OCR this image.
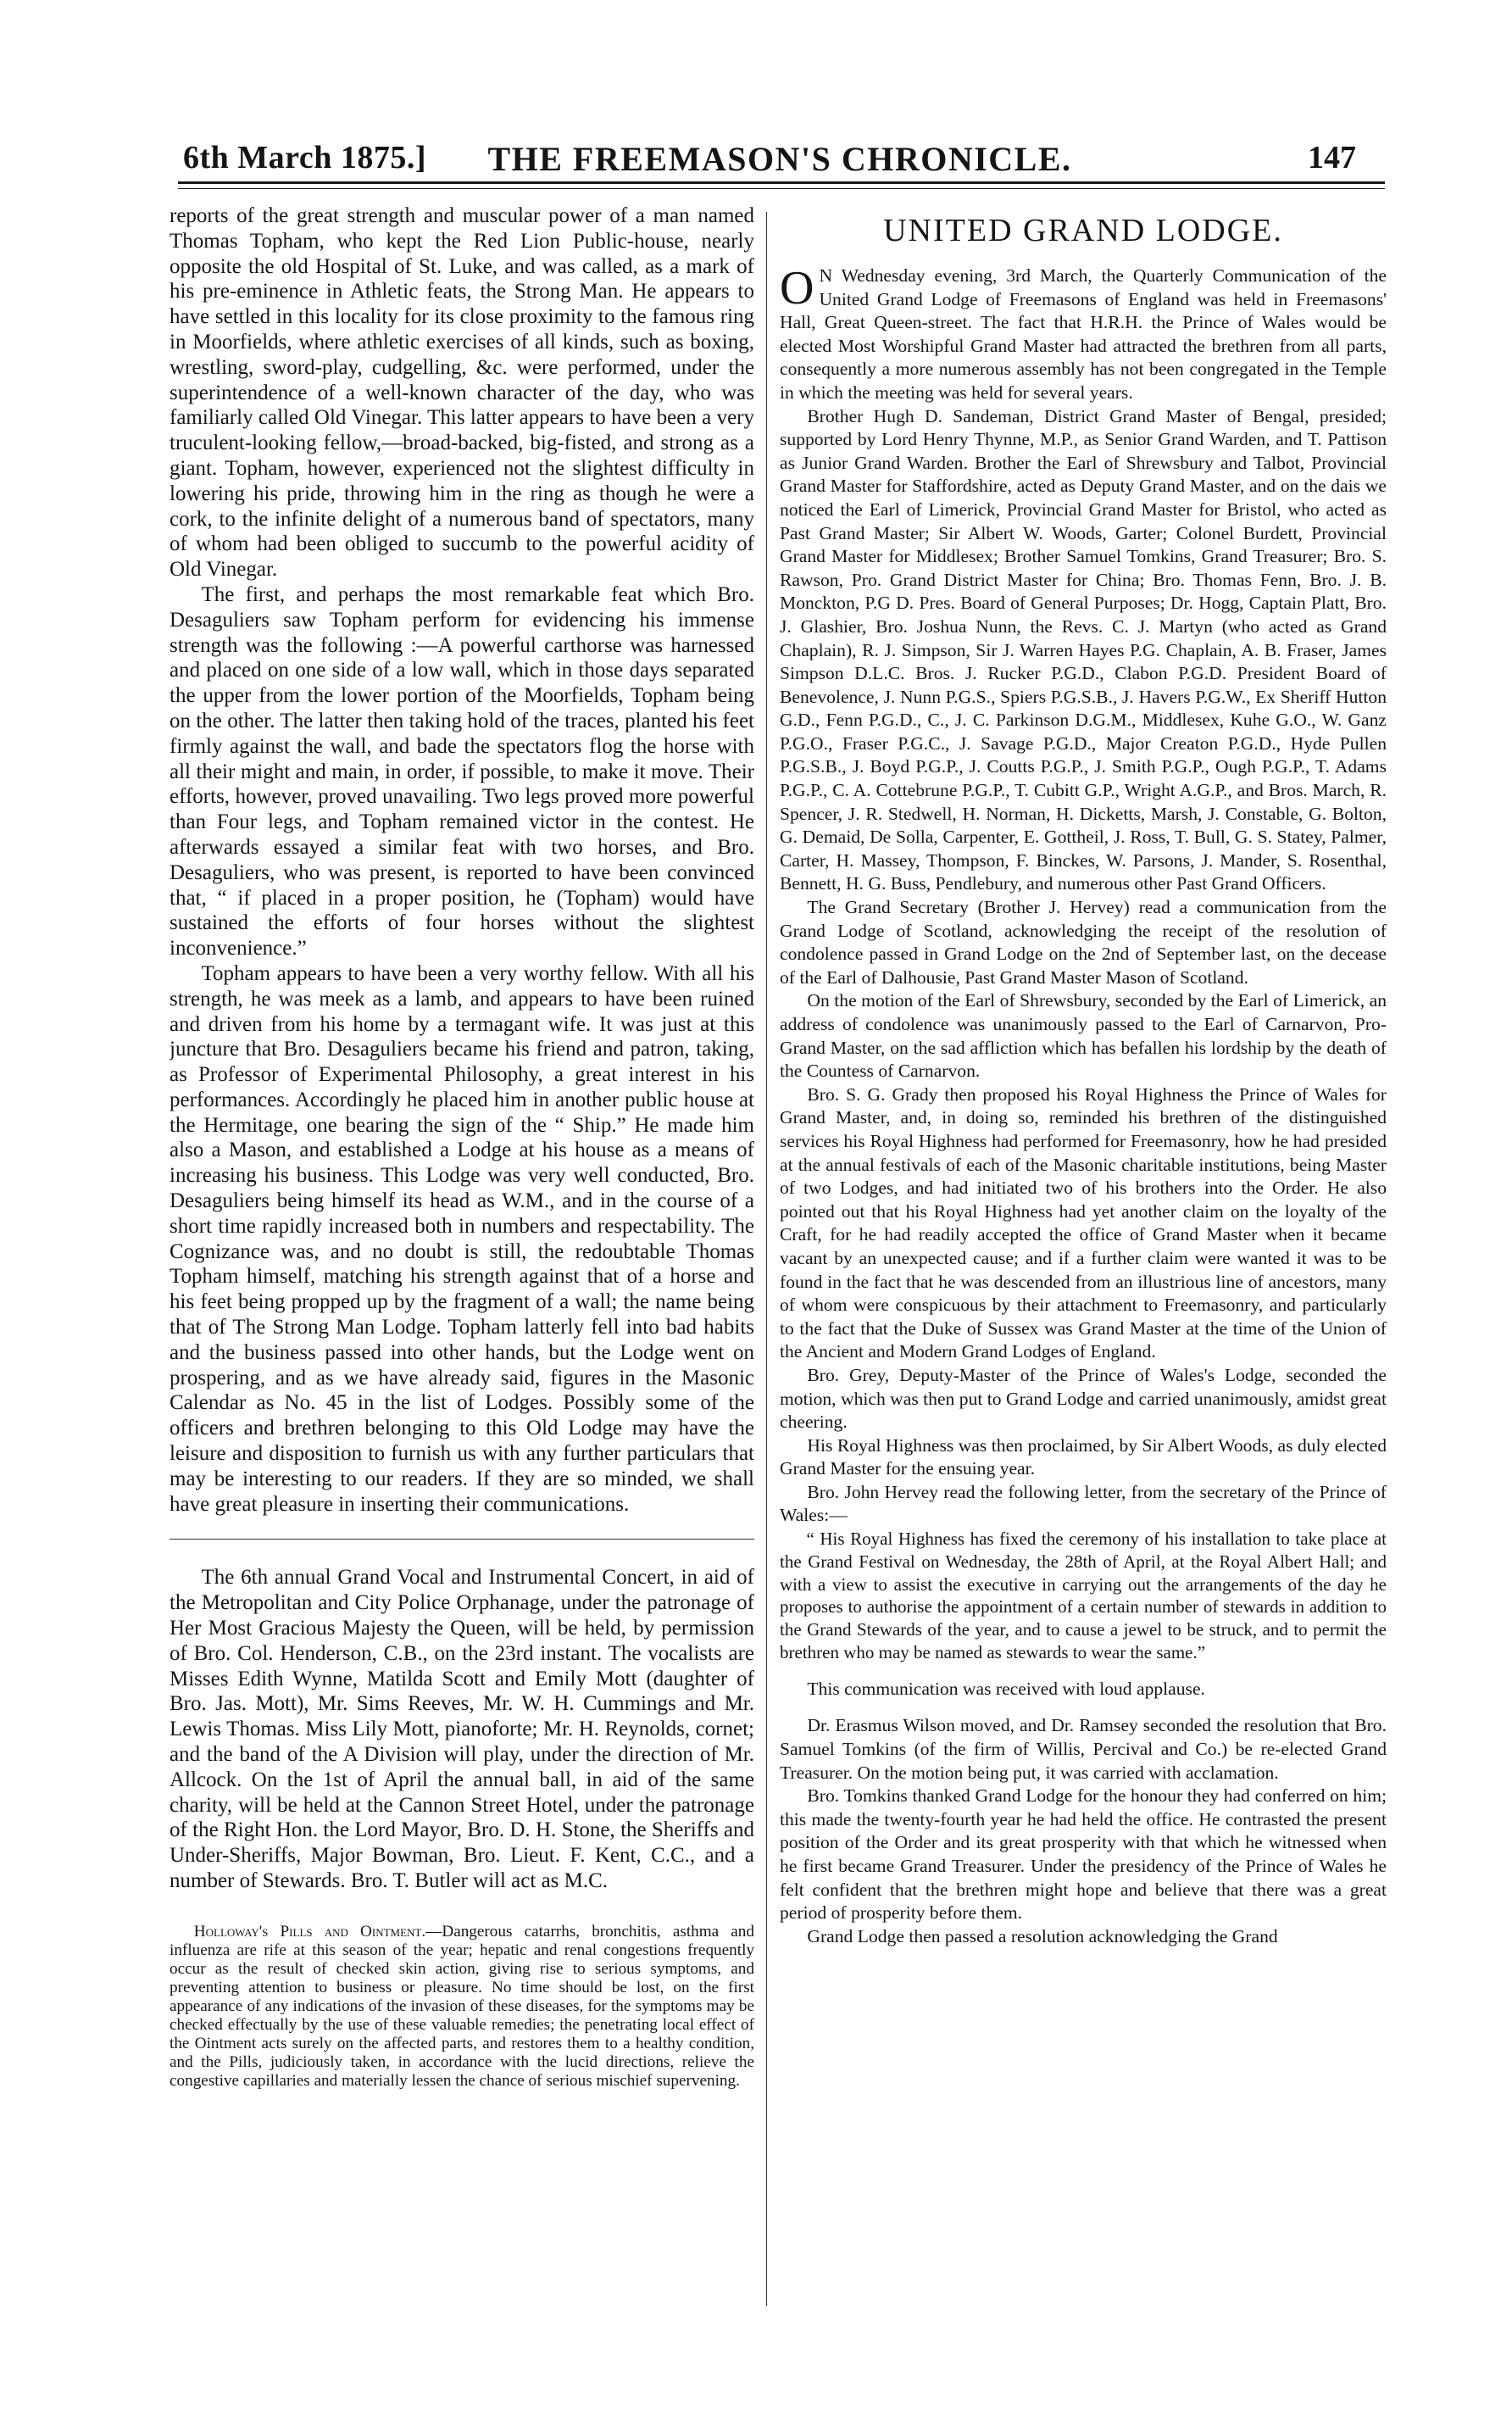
6th March 1875.]	THE FREEMASON'S CHRONICLE.	147

reports of the great strength and muscular power of a man named Thomas Topham, who kept the Red Lion Public-house, nearly opposite the old Hospital of St. Luke, and was called, as a mark of his pre-eminence in Athletic feats, the Strong Man. He appears to have settled in this locality for its close proximity to the famous ring in Moorfields, where athletic exercises of all kinds, such as boxing, wrestling, sword-play, cudgelling, &c. were performed, under the superintendence of a well-known character of the day, who was familiarly called Old Vinegar. This latter appears to have been a very truculent-looking fellow,—broad-backed, big-fisted, and strong as a giant. Topham, however, experienced not the slightest difficulty in lowering his pride, throwing him in the ring as though he were a cork, to the infinite delight of a numerous band of spectators, many of whom had been obliged to succumb to the powerful acidity of Old Vinegar.

The first, and perhaps the most remarkable feat which Bro. Desaguliers saw Topham perform for evidencing his immense strength was the following :—A powerful carthorse was harnessed and placed on one side of a low wall, which in those days separated the upper from the lower portion of the Moorfields, Topham being on the other. The latter then taking hold of the traces, planted his feet firmly against the wall, and bade the spectators flog the horse with all their might and main, in order, if possible, to make it move. Their efforts, however, proved unavailing. Two legs proved more powerful than Four legs, and Topham remained victor in the contest. He afterwards essayed a similar feat with two horses, and Bro. Desaguliers, who was present, is reported to have been convinced that, “ if placed in a proper position, he (Topham) would have sustained the efforts of four horses without the slightest inconvenience.”

Topham appears to have been a very worthy fellow. With all his strength, he was meek as a lamb, and appears to have been ruined and driven from his home by a termagant wife. It was just at this juncture that Bro. Desaguliers became his friend and patron, taking, as Professor of Experimental Philosophy, a great interest in his performances. Accordingly he placed him in another public house at the Hermitage, one bearing the sign of the “ Ship.” He made him also a Mason, and established a Lodge at his house as a means of increasing his business. This Lodge was very well conducted, Bro. Desaguliers being himself its head as W.M., and in the course of a short time rapidly increased both in numbers and respectability. The Cognizance was, and no doubt is still, the redoubtable Thomas Topham himself, matching his strength against that of a horse and his feet being propped up by the fragment of a wall; the name being that of The Strong Man Lodge. Topham latterly fell into bad habits and the business passed into other hands, but the Lodge went on prospering, and as we have already said, figures in the Masonic Calendar as No. 45 in the list of Lodges. Possibly some of the officers and brethren belonging to this Old Lodge may have the leisure and disposition to furnish us with any further particulars that may be interesting to our readers. If they are so minded, we shall have great pleasure in inserting their communications.

The 6th annual Grand Vocal and Instrumental Concert, in aid of the Metropolitan and City Police Orphanage, under the patronage of Her Most Gracious Majesty the Queen, will be held, by permission of Bro. Col. Henderson, C.B., on the 23rd instant. The vocalists are Misses Edith Wynne, Matilda Scott and Emily Mott (daughter of Bro. Jas. Mott), Mr. Sims Reeves, Mr. W. H. Cummings and Mr. Lewis Thomas. Miss Lily Mott, pianoforte; Mr. H. Reynolds, cornet; and the band of the A Division will play, under the direction of Mr. Allcock. On the 1st of April the annual ball, in aid of the same charity, will be held at the Cannon Street Hotel, under the patronage of the Right Hon. the Lord Mayor, Bro. D. H. Stone, the Sheriffs and Under-Sheriffs, Major Bowman, Bro. Lieut. F. Kent, C.C., and a number of Stewards. Bro. T. Butler will act as M.C.

Holloway's Pills and Ointment.—Dangerous catarrhs, bronchitis, asthma and influenza are rife at this season of the year; hepatic and renal congestions frequently occur as the result of checked skin action, giving rise to serious symptoms, and preventing attention to business or pleasure. No time should be lost, on the first appearance of any indications of the invasion of these diseases, for the symptoms may be checked effectually by the use of these valuable remedies; the penetrating local effect of the Ointment acts surely on the affected parts, and restores them to a healthy condition, and the Pills, judiciously taken, in accordance with the lucid directions, relieve the congestive capillaries and materially lessen the chance of serious mischief supervening.

UNITED GRAND LODGE.

O N Wednesday evening, 3rd March, the Quarterly Communication of the United Grand Lodge of Freemasons of England was held in Freemasons' Hall, Great Queen-street. The fact that H.R.H. the Prince of Wales would be elected Most Worshipful Grand Master had attracted the brethren from all parts, consequently a more numerous assembly has not been congregated in the Temple in which the meeting was held for several years.

Brother Hugh D. Sandeman, District Grand Master of Bengal, presided; supported by Lord Henry Thynne, M.P., as Senior Grand Warden, and T. Pattison as Junior Grand Warden. Brother the Earl of Shrewsbury and Talbot, Provincial Grand Master for Staffordshire, acted as Deputy Grand Master, and on the dais we noticed the Earl of Limerick, Provincial Grand Master for Bristol, who acted as Past Grand Master; Sir Albert W. Woods, Garter; Colonel Burdett, Provincial Grand Master for Middlesex; Brother Samuel Tomkins, Grand Treasurer; Bro. S. Rawson, Pro. Grand District Master for China; Bro. Thomas Fenn, Bro. J. B. Monckton, P.G D. Pres. Board of General Purposes; Dr. Hogg, Captain Platt, Bro. J. Glashier, Bro. Joshua Nunn, the Revs. C. J. Martyn (who acted as Grand Chaplain), R. J. Simpson, Sir J. Warren Hayes P.G. Chaplain, A. B. Fraser, James Simpson D.L.C. Bros. J. Rucker P.G.D., Clabon P.G.D. President Board of Benevolence, J. Nunn P.G.S., Spiers P.G.S.B., J. Havers P.G.W., Ex Sheriff Hutton G.D., Fenn P.G.D., C., J. C. Parkinson D.G.M., Middlesex, Kuhe G.O., W. Ganz P.G.O., Fraser P.G.C., J. Savage P.G.D., Major Creaton P.G.D., Hyde Pullen P.G.S.B., J. Boyd P.G.P., J. Coutts P.G.P., J. Smith P.G.P., Ough P.G.P., T. Adams P.G.P., C. A. Cottebrune P.G.P., T. Cubitt G.P., Wright A.G.P., and Bros. March, R. Spencer, J. R. Stedwell, H. Norman, H. Dicketts, Marsh, J. Constable, G. Bolton, G. Demaid, De Solla, Carpenter, E. Gottheil, J. Ross, T. Bull, G. S. Statey, Palmer, Carter, H. Massey, Thompson, F. Binckes, W. Parsons, J. Mander, S. Rosenthal, Bennett, H. G. Buss, Pendlebury, and numerous other Past Grand Officers.

The Grand Secretary (Brother J. Hervey) read a communication from the Grand Lodge of Scotland, acknowledging the receipt of the resolution of condolence passed in Grand Lodge on the 2nd of September last, on the decease of the Earl of Dalhousie, Past Grand Master Mason of Scotland.

On the motion of the Earl of Shrewsbury, seconded by the Earl of Limerick, an address of condolence was unanimously passed to the Earl of Carnarvon, Pro-Grand Master, on the sad affliction which has befallen his lordship by the death of the Countess of Carnarvon.

Bro. S. G. Grady then proposed his Royal Highness the Prince of Wales for Grand Master, and, in doing so, reminded his brethren of the distinguished services his Royal Highness had performed for Freemasonry, how he had presided at the annual festivals of each of the Masonic charitable institutions, being Master of two Lodges, and had initiated two of his brothers into the Order. He also pointed out that his Royal Highness had yet another claim on the loyalty of the Craft, for he had readily accepted the office of Grand Master when it became vacant by an unexpected cause; and if a further claim were wanted it was to be found in the fact that he was descended from an illustrious line of ancestors, many of whom were conspicuous by their attachment to Freemasonry, and particularly to the fact that the Duke of Sussex was Grand Master at the time of the Union of the Ancient and Modern Grand Lodges of England.

Bro. Grey, Deputy-Master of the Prince of Wales's Lodge, seconded the motion, which was then put to Grand Lodge and carried unanimously, amidst great cheering.

His Royal Highness was then proclaimed, by Sir Albert Woods, as duly elected Grand Master for the ensuing year.

Bro. John Hervey read the following letter, from the secretary of the Prince of Wales:—

“ His Royal Highness has fixed the ceremony of his installation to take place at the Grand Festival on Wednesday, the 28th of April, at the Royal Albert Hall; and with a view to assist the executive in carrying out the arrangements of the day he proposes to authorise the appointment of a certain number of stewards in addition to the Grand Stewards of the year, and to cause a jewel to be struck, and to permit the brethren who may be named as stewards to wear the same.”

This communication was received with loud applause.

Dr. Erasmus Wilson moved, and Dr. Ramsey seconded the resolution that Bro. Samuel Tomkins (of the firm of Willis, Percival and Co.) be re-elected Grand Treasurer. On the motion being put, it was carried with acclamation.

Bro. Tomkins thanked Grand Lodge for the honour they had conferred on him; this made the twenty-fourth year he had held the office. He contrasted the present position of the Order and its great prosperity with that which he witnessed when he first became Grand Treasurer. Under the presidency of the Prince of Wales he felt confident that the brethren might hope and believe that there was a great period of prosperity before them.

Grand Lodge then passed a resolution acknowledging the Grand
